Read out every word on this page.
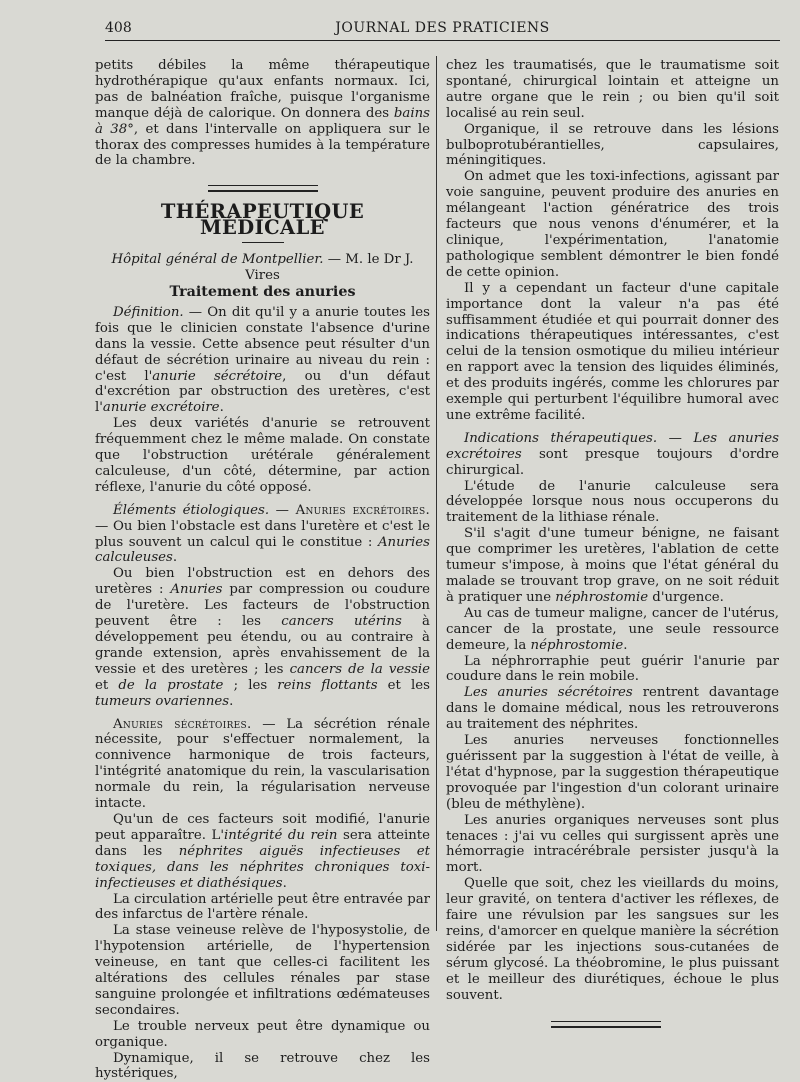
408	JOURNAL DES PRATICIENS

petits débiles la même thérapeutique hydrothérapique qu'aux enfants normaux. Ici, pas de balnéation fraîche, puisque l'organisme manque déjà de calorique. On donnera des bains à 38°, et dans l'intervalle on appliquera sur le thorax des compresses humides à la température de la chambre.

THÉRAPEUTIQUE MÉDICALE
Hôpital général de Montpellier. — M. le Dr J. Vires
Traitement des anuries

Définition. — On dit qu'il y a anurie toutes les fois que le clinicien constate l'absence d'urine dans la vessie. Cette absence peut résulter d'un défaut de sécrétion urinaire au niveau du rein : c'est l'anurie sécrétoire, ou d'un défaut d'excrétion par obstruction des uretères, c'est l'anurie excrétoire.

Les deux variétés d'anurie se retrouvent fréquemment chez le même malade. On constate que l'obstruction urétérale généralement calculeuse, d'un côté, détermine, par action réflexe, l'anurie du côté opposé.

Éléments étiologiques. — Anuries excrétoires. — Ou bien l'obstacle est dans l'uretère et c'est le plus souvent un calcul qui le constitue : Anuries calculeuses.

Ou bien l'obstruction est en dehors des uretères : Anuries par compression ou coudure de l'uretère. Les facteurs de l'obstruction peuvent être : les cancers utérins à développement peu étendu, ou au contraire à grande extension, après envahissement de la vessie et des uretères ; les cancers de la vessie et de la prostate ; les reins flottants et les tumeurs ovariennes.

Anuries sécrétoires. — La sécrétion rénale nécessite, pour s'effectuer normalement, la connivence harmonique de trois facteurs, l'intégrité anatomique du rein, la vascularisation normale du rein, la régularisation nerveuse intacte.

Qu'un de ces facteurs soit modifié, l'anurie peut apparaître. L'intégrité du rein sera atteinte dans les néphrites aiguës infectieuses et toxiques, dans les néphrites chroniques toxi-infectieuses et diathésiques.

La circulation artérielle peut être entravée par des infarctus de l'artère rénale.

La stase veineuse relève de l'hyposystolie, de l'hypotension artérielle, de l'hypertension veineuse, en tant que celles-ci facilitent les altérations des cellules rénales par stase sanguine prolongée et infiltrations œdémateuses secondaires.

Le trouble nerveux peut être dynamique ou organique.

Dynamique, il se retrouve chez les hystériques,

chez les traumatisés, que le traumatisme soit spontané, chirurgical lointain et atteigne un autre organe que le rein ; ou bien qu'il soit localisé au rein seul.

Organique, il se retrouve dans les lésions bulboprotubérantielles, capsulaires, méningitiques.

On admet que les toxi-infections, agissant par voie sanguine, peuvent produire des anuries en mélangeant l'action génératrice des trois facteurs que nous venons d'énumérer, et la clinique, l'expérimentation, l'anatomie pathologique semblent démontrer le bien fondé de cette opinion.

Il y a cependant un facteur d'une capitale importance dont la valeur n'a pas été suffisamment étudiée et qui pourrait donner des indications thérapeutiques intéressantes, c'est celui de la tension osmotique du milieu intérieur en rapport avec la tension des liquides éliminés, et des produits ingérés, comme les chlorures par exemple qui perturbent l'équilibre humoral avec une extrême facilité.

Indications thérapeutiques. — Les anuries excrétoires sont presque toujours d'ordre chirurgical.

L'étude de l'anurie calculeuse sera développée lorsque nous nous occuperons du traitement de la lithiase rénale.

S'il s'agit d'une tumeur bénigne, ne faisant que comprimer les uretères, l'ablation de cette tumeur s'impose, à moins que l'état général du malade se trouvant trop grave, on ne soit réduit à pratiquer une néphrostomie d'urgence.

Au cas de tumeur maligne, cancer de l'utérus, cancer de la prostate, une seule ressource demeure, la néphrostomie.

La néphrorraphie peut guérir l'anurie par coudure dans le rein mobile.

Les anuries sécrétoires rentrent davantage dans le domaine médical, nous les retrouverons au traitement des néphrites.

Les anuries nerveuses fonctionnelles guérissent par la suggestion à l'état de veille, à l'état d'hypnose, par la suggestion thérapeutique provoquée par l'ingestion d'un colorant urinaire (bleu de méthylène).

Les anuries organiques nerveuses sont plus tenaces : j'ai vu celles qui surgissent après une hémorragie intracérébrale persister jusqu'à la mort.

Quelle que soit, chez les vieillards du moins, leur gravité, on tentera d'activer les réflexes, de faire une révulsion par les sangsues sur les reins, d'amorcer en quelque manière la sécrétion sidérée par les injections sous-cutanées de sérum glycosé. La théobromine, le plus puissant et le meilleur des diurétiques, échoue le plus souvent.
